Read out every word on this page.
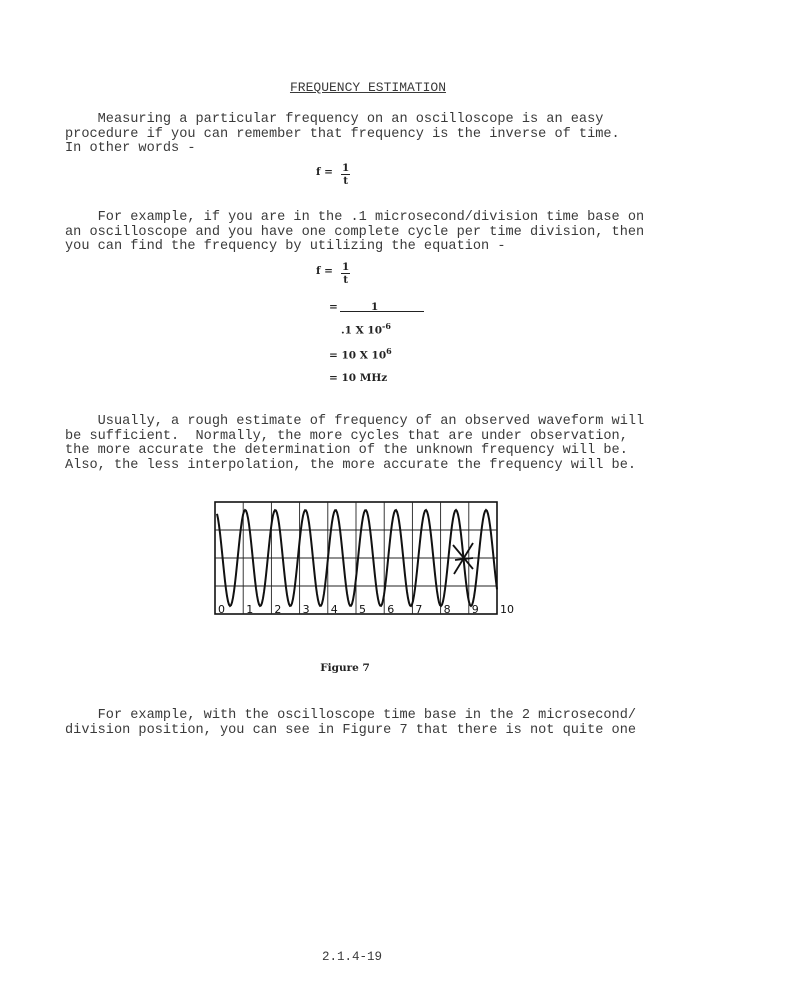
FREQUENCY ESTIMATION
Measuring a particular frequency on an oscilloscope is an easy
procedure if you can remember that frequency is the inverse of time.
In other words -
$f = \frac{1}{t}$
For example, if you are in the .1 microsecond/division time base on
an oscilloscope and you have one complete cycle per time division, then
you can find the frequency by utilizing the equation -
$f = \frac{1}{t}$
=	1
.1 X $10^{-6}$
= 10 X $10^6$
= 10 MHz
Usually, a rough estimate of frequency of an observed waveform will
be sufficient.  Normally, the more cycles that are under observation,
the more accurate the determination of the unknown frequency will be.
Also, the less interpolation, the more accurate the frequency will be.
0 1 2 3 4 5 6 7 8 9 10
Figure 7
For example, with the oscilloscope time base in the 2 microsecond/
division position, you can see in Figure 7 that there is not quite one
2.1.4-19
